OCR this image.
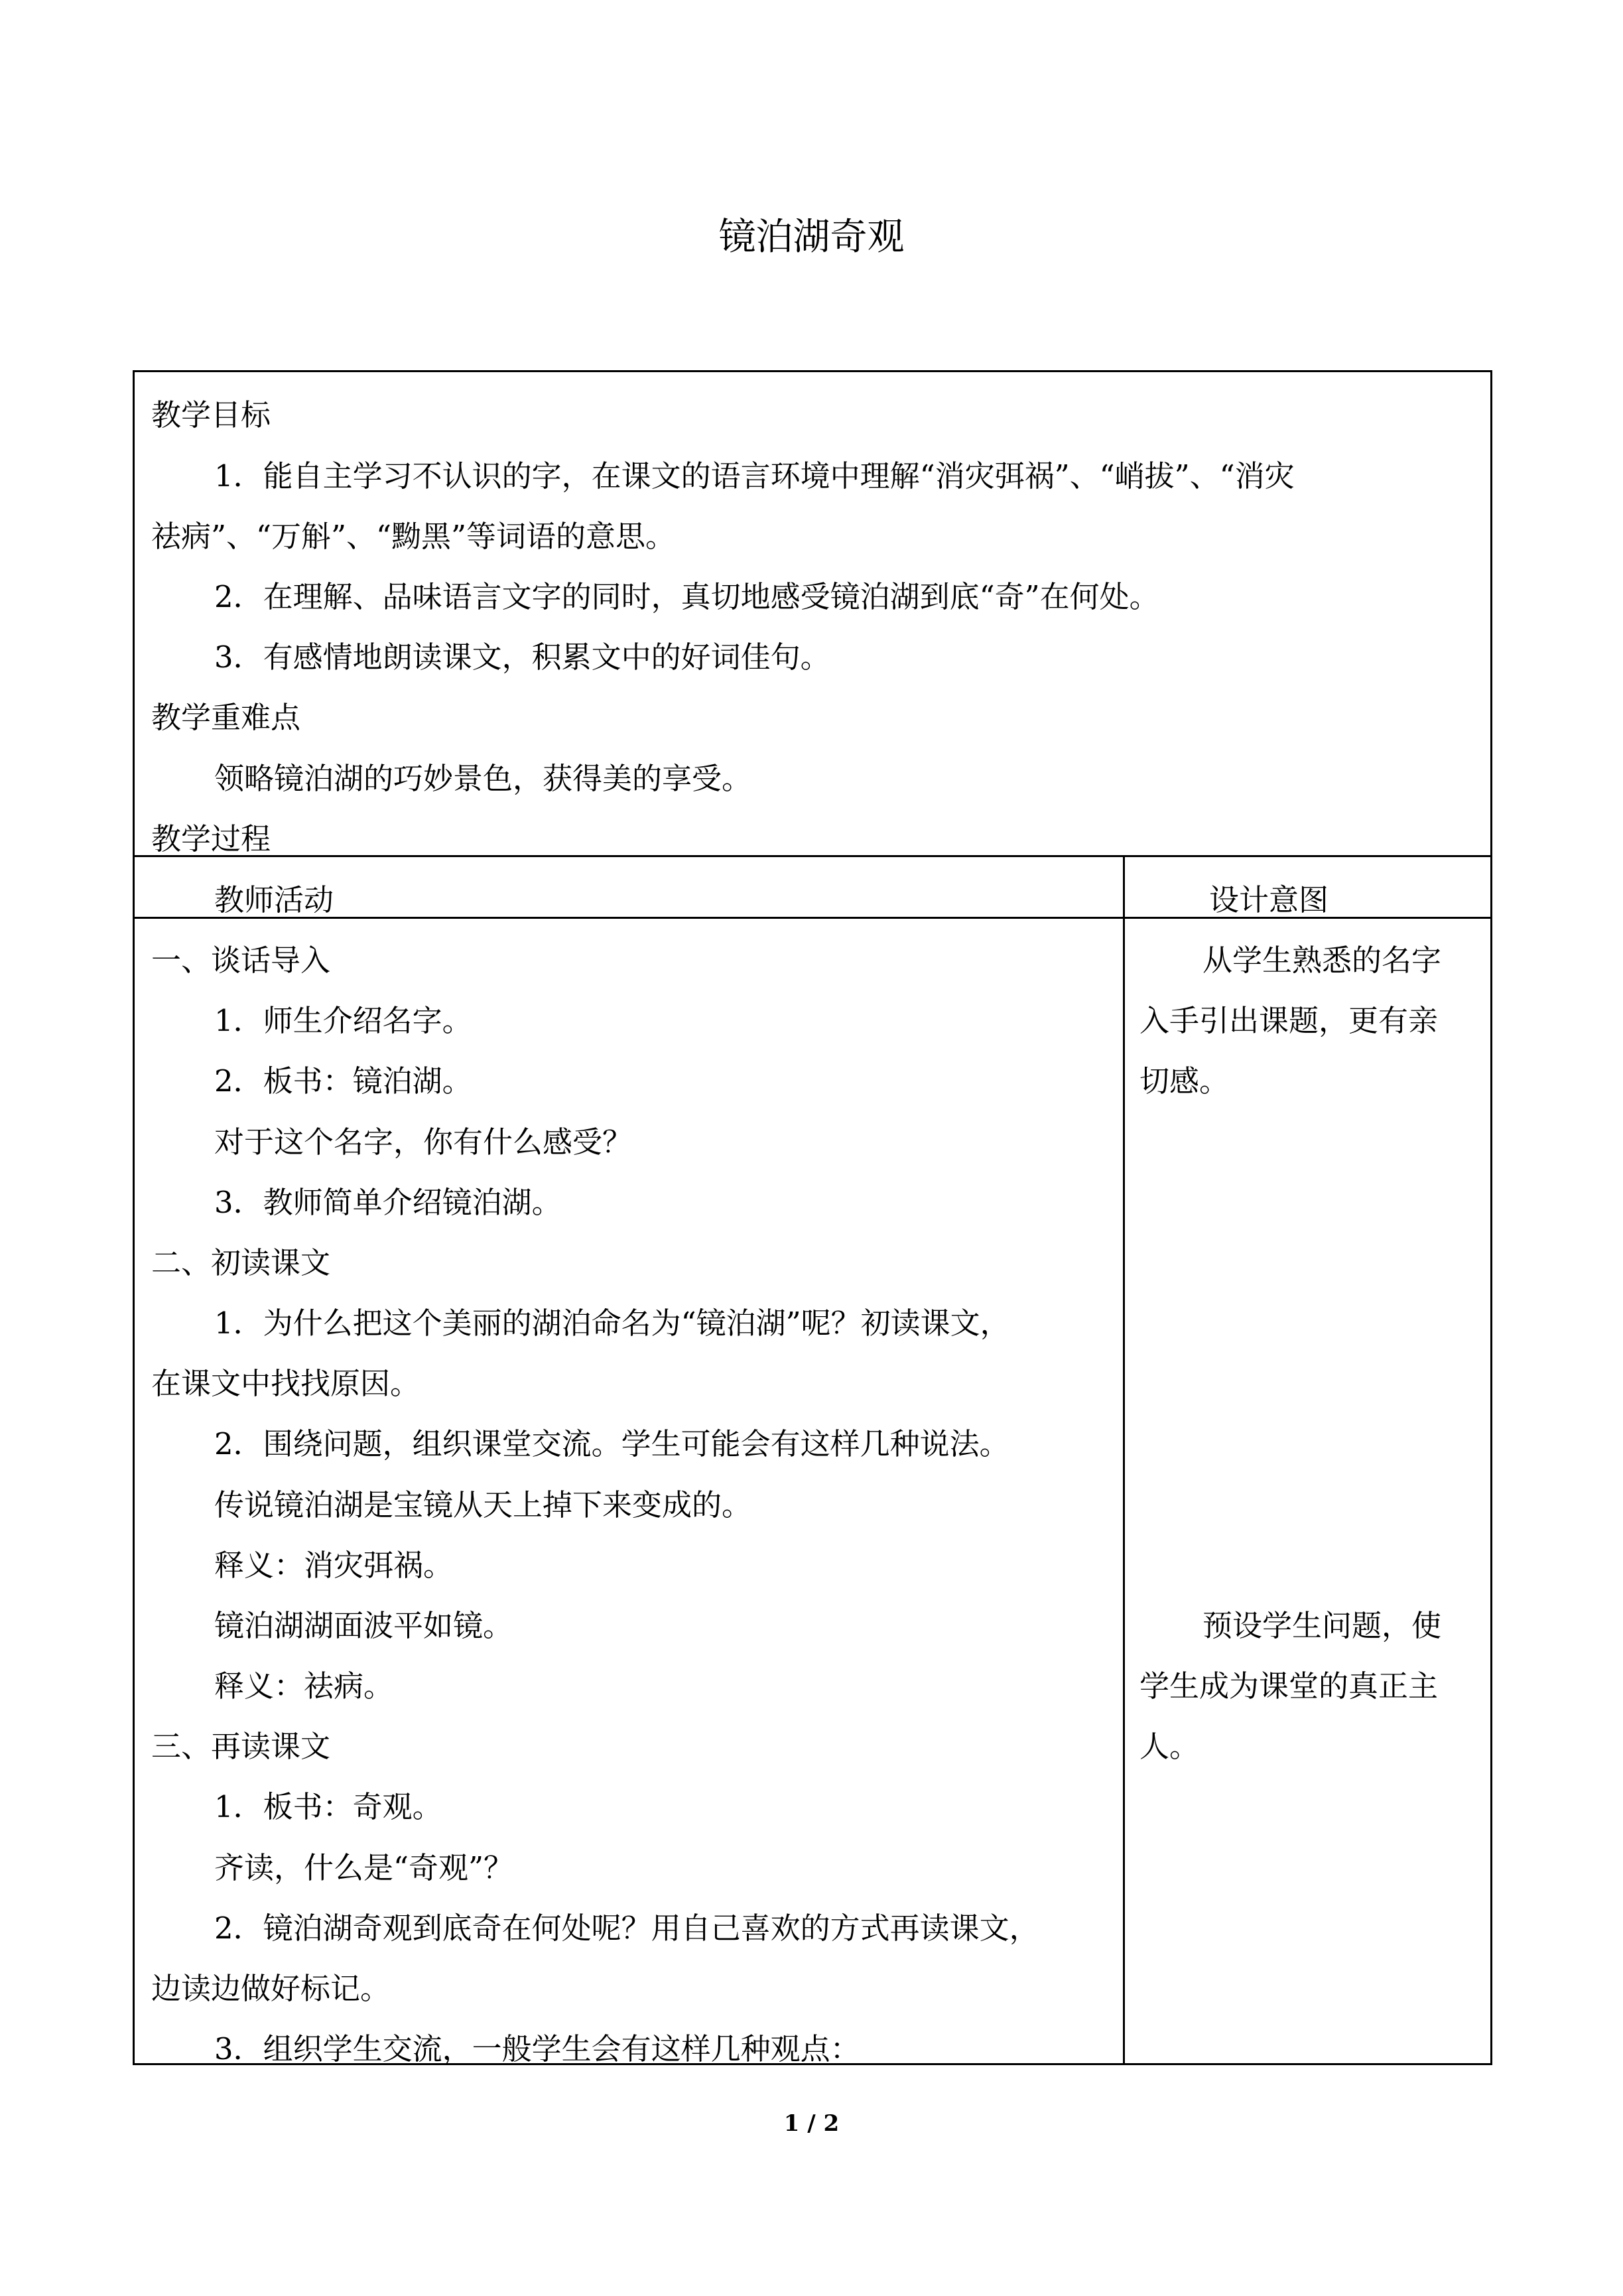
镜泊湖奇观
教学目标
1．能自主学习不认识的字，在课文的语言环境中理解“消灾弭祸”、“峭拔”、“消灾
祛病”、“万斛”、“黝黑”等词语的意思。
2．在理解、品味语言文字的同时，真切地感受镜泊湖到底“奇”在何处。
3．有感情地朗读课文，积累文中的好词佳句。
教学重难点
领略镜泊湖的巧妙景色，获得美的享受。
教学过程
教师活动	设计意图
一、谈话导入
1．师生介绍名字。
2．板书：镜泊湖。
对于这个名字，你有什么感受？
3．教师简单介绍镜泊湖。
二、初读课文
1．为什么把这个美丽的湖泊命名为“镜泊湖”呢？初读课文，
在课文中找找原因。
2．围绕问题，组织课堂交流。学生可能会有这样几种说法。
传说镜泊湖是宝镜从天上掉下来变成的。
释义：消灾弭祸。
镜泊湖湖面波平如镜。
释义：祛病。
三、再读课文
1．板书：奇观。
齐读，什么是“奇观”？
2．镜泊湖奇观到底奇在何处呢？用自己喜欢的方式再读课文，
边读边做好标记。
3．组织学生交流，一般学生会有这样几种观点：
从学生熟悉的名字
入手引出课题，更有亲
切感。
预设学生问题，使
学生成为课堂的真正主
人。
1 / 2
